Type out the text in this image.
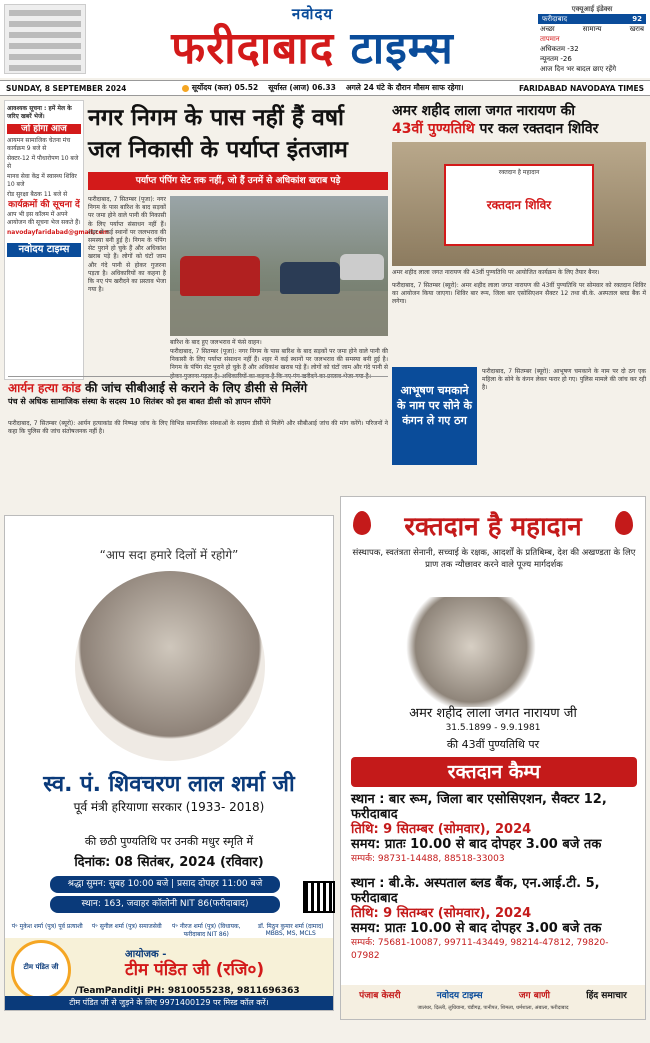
नवोदय
फरीदाबाद टाइम्स
एक्यूआई इंडेक्स
फरीदाबाद	92
अच्छा	सामान्य	खराब
तापमान
अधिकतम -32
न्यूनतम -26
आज दिन भर बादल छाए रहेंगे
SUNDAY, 8 SEPTEMBER 2024	सूर्योदय (कल) 05.52 सूर्यास्त (आज) 06.33 अगले 24 घंटे के दौरान मौसम साफ रहेगा।	FARIDABAD NAVODAYA TIMES
आवश्यक सूचना : हमें मेल के जरिए खबरें भेजें।
जो होगा आज
आयमन सामाजिक चेतना मंच कार्यक्रम 9 बजे से
सेक्टर-12 में पौधारोपण 10 बजे से
मानव सेवा केंद्र में स्वास्थ्य शिविर 10 बजे
रोड सुरक्षा बैठक 11 बजे से
कार्यक्रमों की सूचना दें
आप भी इस कॉलम में अपने आयोजन की सूचना भेज सकते हैं।
navodayfaridabad@gmail.com
नवोदय टाइम्स
नगर निगम के पास नहीं हैं वर्षा
जल निकासी के पर्याप्त इंतजाम
पर्याप्त पंपिंग सेट तक नहीं, जो हैं उनमें से अधिकांश खराब पड़े
फरीदाबाद, 7 सितम्बर (पूजा): नगर निगम के पास बारिश के बाद सड़कों पर जमा होने वाले पानी की निकासी के लिए पर्याप्त संसाधन नहीं हैं। शहर में कई स्थानों पर जलभराव की समस्या बनी हुई है। निगम के पंपिंग सेट पुराने हो चुके हैं और अधिकांश खराब पड़े हैं। लोगों को घंटों जाम और गंदे पानी से होकर गुजरना पड़ता है। अधिकारियों का कहना है कि नए पंप खरीदने का प्रस्ताव भेजा गया है।
बारिश के बाद हुए जलभराव में फंसे वाहन।
फरीदाबाद, 7 सितम्बर (पूजा): नगर निगम के पास बारिश के बाद सड़कों पर जमा होने वाले पानी की निकासी के लिए पर्याप्त संसाधन नहीं हैं। शहर में कई स्थानों पर जलभराव की समस्या बनी हुई है। निगम के पंपिंग सेट पुराने हो चुके हैं और अधिकांश खराब पड़े हैं। लोगों को घंटों जाम और गंदे पानी से
अमर शहीद लाला जगत नारायण की
43वीं पुण्यतिथि पर कल रक्तदान शिविर
रक्तदान है महादान
रक्तदान शिविर
अमर शहीद लाला जगत नारायण की 43वीं पुण्यतिथि पर आयोजित कार्यक्रम के लिए तैयार बैनर।
फरीदाबाद, 7 सितम्बर (ब्यूरो): अमर शहीद लाला जगत नारायण की 43वीं पुण्यतिथि पर सोमवार को रक्तदान शिविर का आयोजन किया जाएगा। शिविर बार रूम, जिला बार एसोसिएशन सैक्टर 12 तथा बी.के. अस्पताल ब्लड बैंक में लगेगा।
आर्यन हत्या कांड की जांच सीबीआई से कराने के लिए डीसी से मिलेंगे
पंच से अधिक सामाजिक संस्था के सदस्य 10 सितंबर को इस बाबत डीसी को ज्ञापन सौंपेंगे
फरीदाबाद, 7 सितम्बर (ब्यूरो): आर्यन हत्याकांड की निष्पक्ष जांच के लिए विभिन्न सामाजिक संस्थाओं के सदस्य डीसी से मिलेंगे और सीबीआई जांच की मांग करेंगे। परिजनों ने कहा कि पुलिस की जांच संतोषजनक नहीं है।
आभूषण चमकाने के नाम पर सोने के कंगन ले गए ठग
फरीदाबाद, 7 सितम्बर (ब्यूरो): आभूषण चमकाने के नाम पर दो ठग एक महिला के सोने के कंगन लेकर फरार हो गए। पुलिस मामले की जांच कर रही है।
“आप सदा हमारे दिलों में रहोगे”
स्व. पं. शिवचरण लाल शर्मा जी
पूर्व मंत्री हरियाणा सरकार (1933- 2018)
की छठी पुण्यतिथि पर उनकी मधुर स्मृति में
दिनांक: 08 सितंबर, 2024 (रविवार)
श्रद्धा सुमन: सुबह 10:00 बजे | प्रसाद दोपहर 11:00 बजे
स्थान: 163, जवाहर कॉलोनी NIT 86(फरीदाबाद)
पं॰ मुकेश शर्मा (पुत्र) पूर्व प्रत्याशी	पं॰ सुनील शर्मा (पुत्र) समाजसेवी	पं॰ नीरज शर्मा (पुत्र) (विधायक, फरीदाबाद NIT 86)
डॉ. मिठुन कुमार शर्मा (दामाद) MBBS, MS, MCLS
टीम पंडित जी
आयोजक -
टीम पंडित जी (रजि०)
/TeamPanditJi PH: 9810055238, 9811696363
टीम पंडित जी से जुड़ने के लिए 9971400129 पर मिस्ड कॉल करें।
रक्तदान है महादान
संस्थापक, स्वतंत्रता सेनानी, सच्चाई के रक्षक, आदर्शों के प्रतिबिम्ब, देश की अखण्डता के लिए प्राण तक न्यौछावर करने वाले पूज्य मार्गदर्शक
अमर शहीद लाला जगत नारायण जी
31.5.1899 - 9.9.1981
की 43वीं पुण्यतिथि पर
रक्तदान कैम्प
स्थान : बार रूम, जिला बार एसोसिएशन, सैक्टर 12, फरीदाबाद
तिथि: 9 सितम्बर (सोमवार), 2024
समय: प्रातः 10.00 से बाद दोपहर 3.00 बजे तक
सम्पर्क: 98731-14488, 88518-33003
स्थान : बी.के. अस्पताल ब्लड बैंक, एन.आई.टी. 5, फरीदाबाद
तिथि: 9 सितम्बर (सोमवार), 2024
समय: प्रातः 10.00 से बाद दोपहर 3.00 बजे तक
सम्पर्क: 75681-10087, 99711-43449, 98214-47812, 79820-07982
पंजाब केसरी	नवोदय टाइम्स	जग बाणी	हिंद समाचार
जालंधर, दिल्ली, लुधियाना, चंडीगढ़, पानीपत, शिमला, धर्मशाला, अंबाला, फरीदाबाद
